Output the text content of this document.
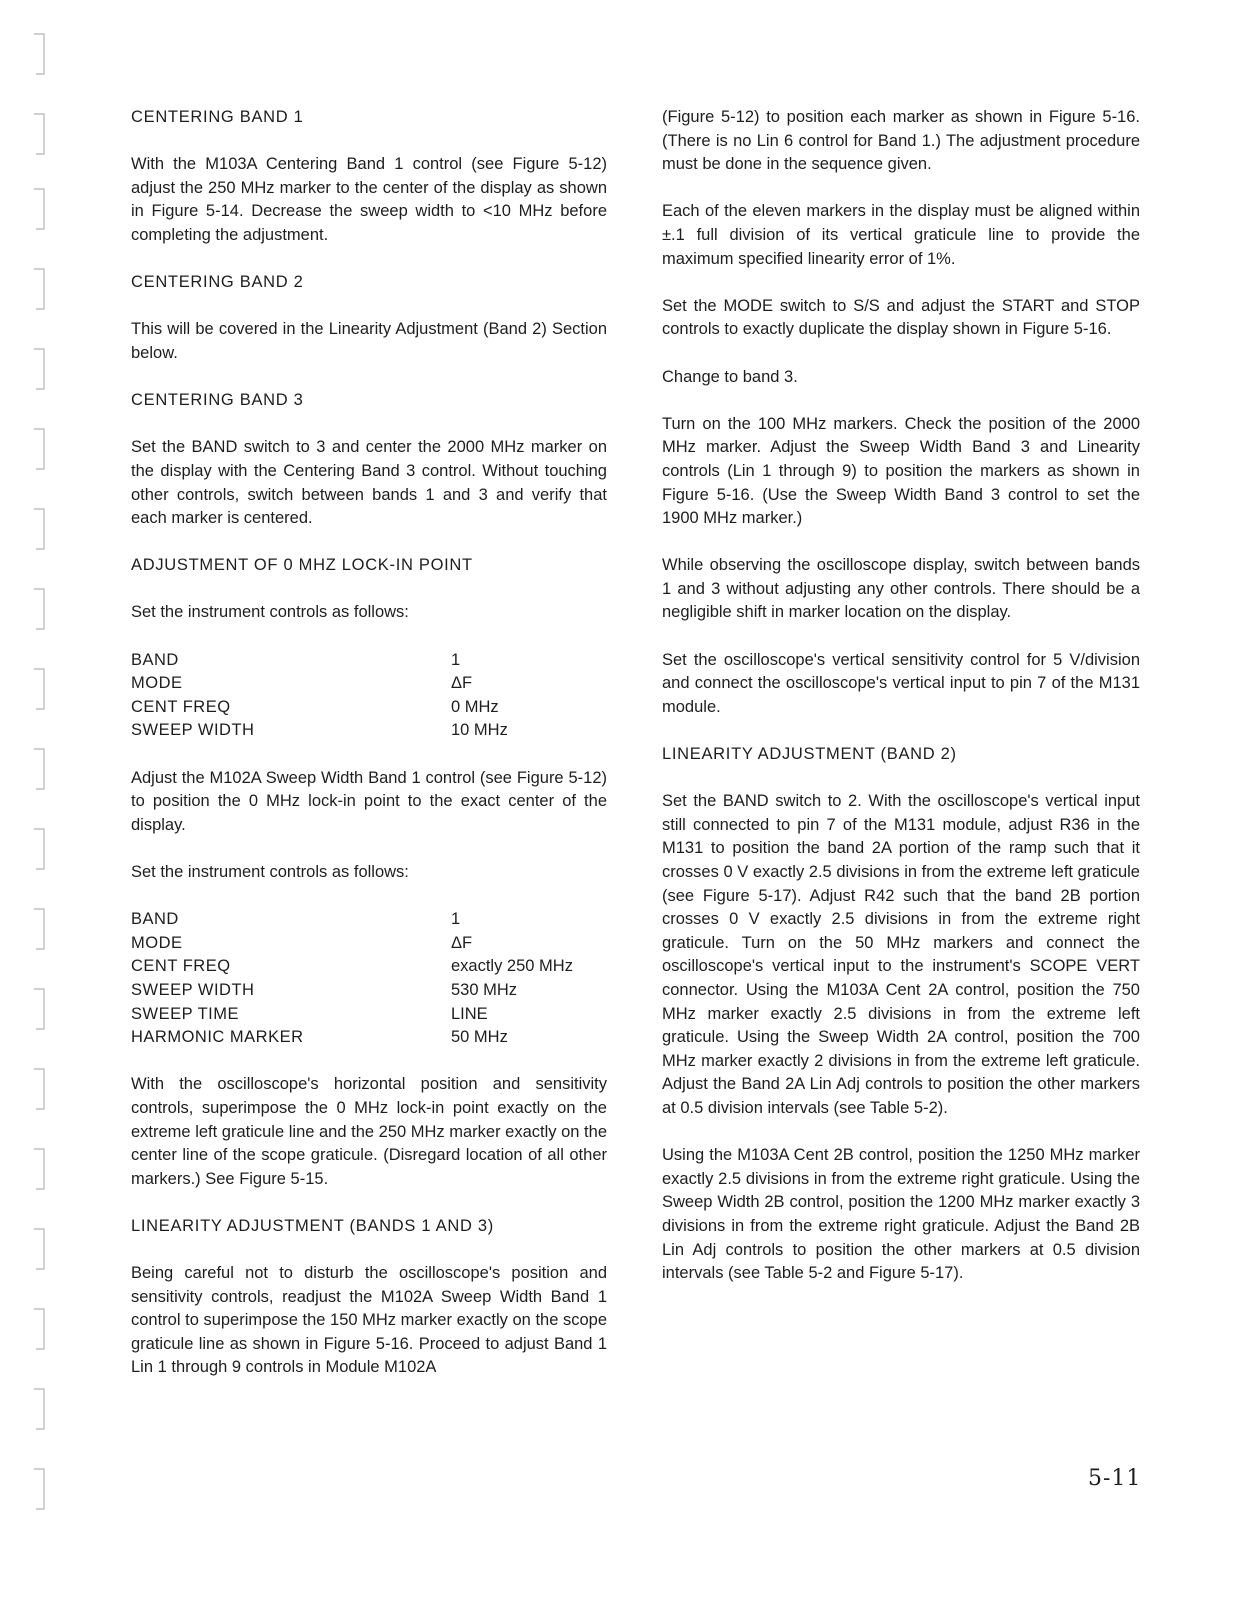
CENTERING BAND 1

With the M103A Centering Band 1 control (see Figure 5-12) adjust the 250 MHz marker to the center of the display as shown in Figure 5-14. Decrease the sweep width to <10 MHz before completing the adjustment.

CENTERING BAND 2

This will be covered in the Linearity Adjustment (Band 2) Section below.

CENTERING BAND 3

Set the BAND switch to 3 and center the 2000 MHz marker on the display with the Centering Band 3 control. Without touching other controls, switch between bands 1 and 3 and verify that each marker is centered.

ADJUSTMENT OF 0 MHZ LOCK-IN POINT

Set the instrument controls as follows:

BAND	1
MODE	ΔF
CENT FREQ	0 MHz
SWEEP WIDTH	10 MHz

Adjust the M102A Sweep Width Band 1 control (see Figure 5-12) to position the 0 MHz lock-in point to the exact center of the display.

Set the instrument controls as follows:

BAND	1
MODE	ΔF
CENT FREQ	exactly 250 MHz
SWEEP WIDTH	530 MHz
SWEEP TIME	LINE
HARMONIC MARKER	50 MHz

With the oscilloscope's horizontal position and sensitivity controls, superimpose the 0 MHz lock-in point exactly on the extreme left graticule line and the 250 MHz marker exactly on the center line of the scope graticule. (Disregard location of all other markers.) See Figure 5-15.

LINEARITY ADJUSTMENT (BANDS 1 AND 3)

Being careful not to disturb the oscilloscope's position and sensitivity controls, readjust the M102A Sweep Width Band 1 control to superimpose the 150 MHz marker exactly on the scope graticule line as shown in Figure 5-16. Proceed to adjust Band 1 Lin 1 through 9 controls in Module M102A

(Figure 5-12) to position each marker as shown in Figure 5-16. (There is no Lin 6 control for Band 1.) The adjustment procedure must be done in the sequence given.

Each of the eleven markers in the display must be aligned within ±.1 full division of its vertical graticule line to provide the maximum specified linearity error of 1%.

Set the MODE switch to S/S and adjust the START and STOP controls to exactly duplicate the display shown in Figure 5-16.

Change to band 3.

Turn on the 100 MHz markers. Check the position of the 2000 MHz marker. Adjust the Sweep Width Band 3 and Linearity controls (Lin 1 through 9) to position the markers as shown in Figure 5-16. (Use the Sweep Width Band 3 control to set the 1900 MHz marker.)

While observing the oscilloscope display, switch between bands 1 and 3 without adjusting any other controls. There should be a negligible shift in marker location on the display.

Set the oscilloscope's vertical sensitivity control for 5 V/division and connect the oscilloscope's vertical input to pin 7 of the M131 module.

LINEARITY ADJUSTMENT (BAND 2)

Set the BAND switch to 2. With the oscilloscope's vertical input still connected to pin 7 of the M131 module, adjust R36 in the M131 to position the band 2A portion of the ramp such that it crosses 0 V exactly 2.5 divisions in from the extreme left graticule (see Figure 5-17). Adjust R42 such that the band 2B portion crosses 0 V exactly 2.5 divisions in from the extreme right graticule. Turn on the 50 MHz markers and connect the oscilloscope's vertical input to the instrument's SCOPE VERT connector. Using the M103A Cent 2A control, position the 750 MHz marker exactly 2.5 divisions in from the extreme left graticule. Using the Sweep Width 2A control, position the 700 MHz marker exactly 2 divisions in from the extreme left graticule. Adjust the Band 2A Lin Adj controls to position the other markers at 0.5 division intervals (see Table 5-2).

Using the M103A Cent 2B control, position the 1250 MHz marker exactly 2.5 divisions in from the extreme right graticule. Using the Sweep Width 2B control, position the 1200 MHz marker exactly 3 divisions in from the extreme right graticule. Adjust the Band 2B Lin Adj controls to position the other markers at 0.5 division intervals (see Table 5-2 and Figure 5-17).

5-11
